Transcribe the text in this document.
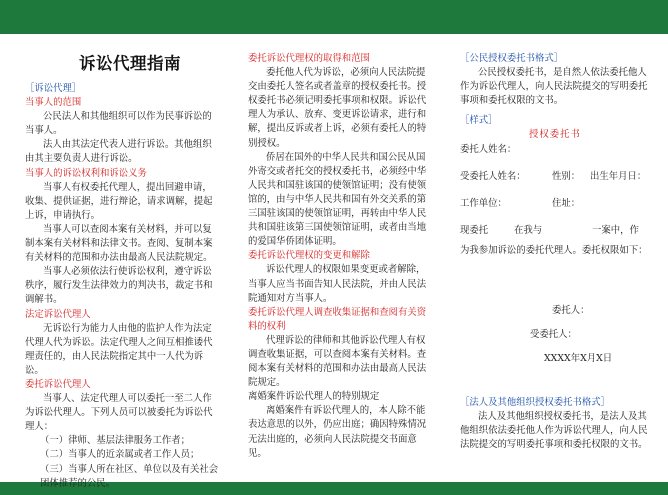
诉讼代理指南

［诉讼代理］

当事人的范围

公民法人和其他组织可以作为民事诉讼的当事人。

法人由其法定代表人进行诉讼。其他组织由其主要负责人进行诉讼。

当事人的诉讼权利和诉讼义务

当事人有权委托代理人，提出回避申请，收集、提供证据，进行辩论，请求调解，提起上诉，申请执行。

当事人可以查阅本案有关材料，并可以复制本案有关材料和法律文书。查阅、复制本案有关材料的范围和办法由最高人民法院规定。

当事人必须依法行使诉讼权利，遵守诉讼秩序，履行发生法律效力的判决书，裁定书和调解书。

法定诉讼代理人

无诉讼行为能力人由他的监护人作为法定代理人代为诉讼。法定代理人之间互相推诿代理责任的，由人民法院指定其中一人代为诉讼。

委托诉讼代理人

当事人、法定代理人可以委托一至二人作为诉讼代理人。下列人员可以被委托为诉讼代理人：

（一）律师、基层法律服务工作者；

（二）当事人的近亲属或者工作人员；

（三）当事人所在社区、单位以及有关社会团体推荐的公民。

委托诉讼代理权的取得和范围

委托他人代为诉讼，必须向人民法院提交由委托人签名或者盖章的授权委托书。授权委托书必须记明委托事项和权限。诉讼代理人为承认、放弃、变更诉讼请求，进行和解，提出反诉或者上诉，必须有委托人的特别授权。

侨居在国外的中华人民共和国公民从国外寄交或者托交的授权委托书，必须经中华人民共和国驻该国的使领馆证明；没有使领馆的，由与中华人民共和国有外交关系的第三国驻该国的使领馆证明，再转由中华人民共和国驻该第三国使领馆证明，或者由当地的爱国华侨团体证明。

委托诉讼代理权的变更和解除

诉讼代理人的权限如果变更或者解除，当事人应当书面告知人民法院，并由人民法院通知对方当事人。

委托诉讼代理人调查收集证据和查阅有关资料的权利

代理诉讼的律师和其他诉讼代理人有权调查收集证据，可以查阅本案有关材料。查阅本案有关材料的范围和办法由最高人民法院规定。

离婚案件诉讼代理人的特别规定

离婚案件有诉讼代理人的，本人除不能表达意思的以外，仍应出庭；确因特殊情况无法出庭的，必须向人民法院提交书面意见。

［公民授权委托书格式］

公民授权委托书，是自然人依法委托他人作为诉讼代理人，向人民法院提交的写明委托事项和委托权限的文书。

［样式］

授权委托书

委托人姓名：
受委托人姓名：	性别： 出生年月日：
工作单位：	住址：
现委托	在我与	一案中，作

为我参加诉讼的委托代理人。委托权限如下：

委托人：

受委托人：

XXXX年X月X日

［法人及其他组织授权委托书格式］

法人及其他组织授权委托书，是法人及其他组织依法委托他人作为诉讼代理人，向人民法院提交的写明委托事项和委托权限的文书。
